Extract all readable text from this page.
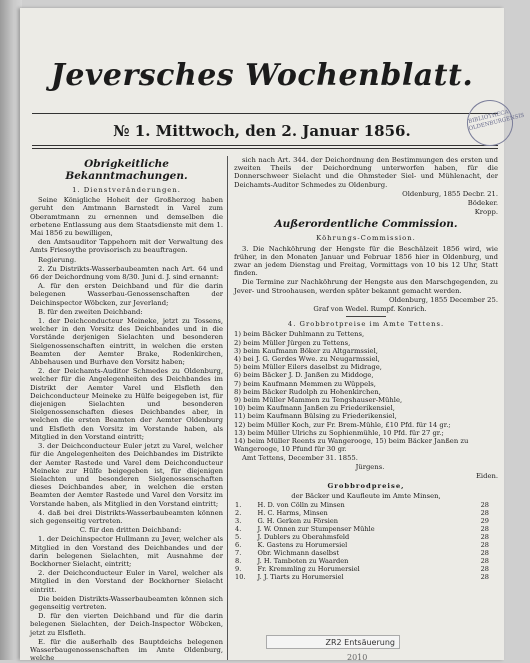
Jeversches Wochenblatt.
№ 1. Mittwoch, den 2. Januar 1856.
BIBLIOTHECA OLDENBURGENSIS
Obrigkeitliche Bekanntmachungen.
1. Dienstveränderungen.

Seine Königliche Hoheit der Großherzog haben geruht den Amtmann Barnstedt in Varel zum Oberamtmann zu ernennen und demselben die erbetene Entlassung aus dem Staatsdienste mit dem 1. Mai 1856 zu bewilligen,

den Amtsauditor Tappehorn mit der Verwaltung des Amts Friesoythe provisorisch zu beauftragen.

Regierung.

2. Zu Distrikts-Wasserbaubeamten nach Art. 64 und 66 der Deichordnung vom 8/30. Juni d. J. sind ernannt:

A. für den ersten Deichband und für die darin belegenen Wasserbau-Genossenschaften der Deichinspector Wöbcken, zur Jeverland;

B. für den zweiten Deichband:

1. der Deichconducteur Meineke, jetzt zu Tossens, welcher in den Vorsitz des Deichbandes und in die Vorstände derjenigen Sielachten und besonderen Sielgenossenschaften eintritt, in welchen die ersten Beamten der Aemter Brake, Rodenkirchen, Abbehausen und Burhave den Vorsitz haben;

2. der Deichamts-Auditor Schmedes zu Oldenburg, welcher für die Angelegenheiten des Deichbandes im Distrikt der Aemter Varel und Elsfleth den Deichconducteur Meineke zu Hülfe beigegeben ist, für diejenigen Sielachten und besonderen Sielgenossenschaften dieses Deichbandes aber, in welchen die ersten Beamten der Aemter Oldenburg und Elsfleth den Vorsitz im Vorstande haben, als Mitglied in den Vorstand eintritt;

3. der Deichconducteur Euler jetzt zu Varel, welcher für die Angelegenheiten des Deichbandes im Distrikte der Aemter Rastede und Varel dem Deichconducteur Meineke zur Hülfe beigegeben ist, für diejenigen Sielachten und besonderen Sielgenossenschaften dieses Deichbandes aber, in welchen die ersten Beamten der Aemter Rastede und Varel den Vorsitz im Vorstande haben, als Mitglied in den Vorstand eintritt;

4. daß bei drei Distrikts-Wasserbaubeamten können sich gegenseitig vertreten.

C. für den dritten Deichband:

1. der Deichinspector Hullmann zu Jever, welcher als Mitglied in den Vorstand des Deichbandes und der darin belegenen Sielachten, mit Ausnahme der Bockhorner Sielacht, eintritt;

2. der Deichconducteur Euler in Varel, welcher als Mitglied in den Vorstand der Bockhorner Sielacht eintritt.

Die beiden Distrikts-Wasserbaubeamten können sich gegenseitig vertreten.

D. für den vierten Deichband und für die darin belegenen Sielachten, der Deich-Inspector Wöbcken, jetzt zu Elsfleth.

E. für die außerhalb des Bauptdeichs belegenen Wasserbaugenossenschaften im Amte Oldenburg, welche

sich nach Art. 344. der Deichordnung den Bestimmungen des ersten und zweiten Theils der Deichordnung unterworfen haben, für die Donnerschweer Sielacht und die Ohmsteder Siel- und Mühlenacht, der Deichamts-Auditor Schmedes zu Oldenburg.

Oldenburg, 1855 Decbr. 21.

Bödeker.

Kropp.

Außerordentliche Commission.
Köhrungs-Commission.

3. Die Nachköhrung der Hengste für die Beschälzeit 1856 wird, wie früher, in den Monaten Januar und Februar 1856 hier in Oldenburg, und zwar an jedem Dienstag und Freitag, Vormittags von 10 bis 12 Uhr, Statt finden.

Die Termine zur Nachköhrung der Hengste aus den Marschgegenden, zu Jever- und Stroohausen, werden später bekannt gemacht werden.

Oldenburg, 1855 December 25.

Graf von Wedel. Rumpf. Konrich.

4. Grobbrotpreise im Amte Tettens.
1) beim Bäcker Duhlmann zu Tettens,
2) beim Müller Jürgen zu Tettens,
3) beim Kaufmann Böker zu Altgarmssiel,
4) bei J. G. Gerdes Wwe. zu Neugarmssiel,
5) beim Müller Eilers daselbst zu Midrage,
6) beim Bäcker J. D. Janßen zu Middoge,
7) beim Kaufmann Memmen zu Wüppels,
8) beim Bäcker Rudolph zu Hohenkirchen,
9) beim Müller Mammen zu Tengshauser-Mühle,
10) beim Kaufmann Janßen zu Friederikensiel,
11) beim Kaufmann Bülsing zu Friederikensiel,
12) beim Müller Koch, zur Fr. Brem-Mühle, £10 Pfd. für 14 gr.;
13) beim Müller Ulrichs zu Sophienmühle, 10 Pfd. für 27 gr.;
14) beim Müller Reents zu Wangerooge, 15) beim Bäcker Janßen zu Wangerooge, 10 Pfund für 30 gr.

Amt Tettens, December 31. 1855.

Jürgens.

Eiden.

Grobbrodpreise,
der Bäcker und Kaufleute im Amte Minsen,
1.	H. D. von Cölln zu Minsen	28
2.	H. C. Harms, Minsen	28
3.	G. H. Gerken zu Försien	29
4.	J. W. Onnen zur Stumpenser Mühle	28
5.	J. Dublers zu Oberahmsfeld	28
6.	K. Gastens zu Horumersiel	28
7.	Obr. Wichmann daselbst	28
8.	J. H. Tamboten zu Waarden	28
9.	Fr. Kremmling zu Horumersiel	28
10.	J. J. Tiarts zu Horumersiel	28
ZR2 Entsäuerung
2010
